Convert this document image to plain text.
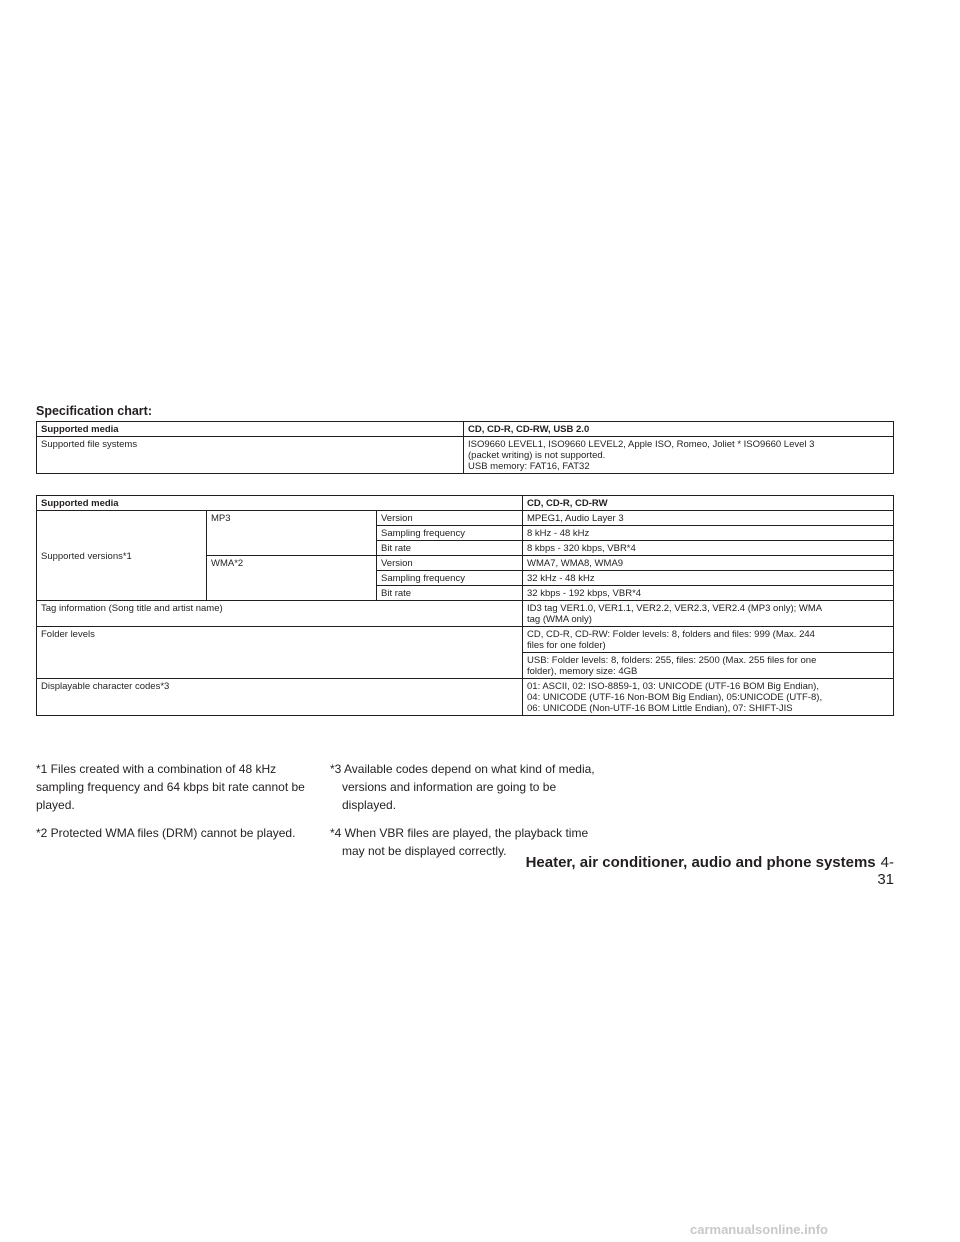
Specification chart:
Supported media	CD, CD-R, CD-RW, USB 2.0
Supported file systems	ISO9660 LEVEL1, ISO9660 LEVEL2, Apple ISO, Romeo, Joliet * ISO9660 Level 3
(packet writing) is not supported.
USB memory: FAT16, FAT32
Supported media			CD, CD-R, CD-RW
Supported versions*1	MP3	Version	MPEG1, Audio Layer 3
		Sampling frequency	8 kHz - 48 kHz
		Bit rate	8 kbps - 320 kbps, VBR*4
	WMA*2	Version	WMA7, WMA8, WMA9
		Sampling frequency	32 kHz - 48 kHz
		Bit rate	32 kbps - 192 kbps, VBR*4
Tag information (Song title and artist name)			ID3 tag VER1.0, VER1.1, VER2.2, VER2.3, VER2.4 (MP3 only); WMA
tag (WMA only)

Folder levels			CD, CD-R, CD-RW: Folder levels: 8, folders and files: 999 (Max. 244
files for one folder)

			USB: Folder levels: 8, folders: 255, files: 2500 (Max. 255 files for one
folder), memory size: 4GB

Displayable character codes*3			01: ASCII, 02: ISO-8859-1, 03: UNICODE (UTF-16 BOM Big Endian),
04: UNICODE (UTF-16 Non-BOM Big Endian), 05:UNICODE (UTF-8),
06: UNICODE (Non-UTF-16 BOM Little Endian), 07: SHIFT-JIS

*1 Files created with a combination of 48 kHz sampling frequency and 64 kbps bit rate cannot be played.

*2 Protected WMA files (DRM) cannot be played.

*3 Available codes depend on what kind of media, versions and information are going to be displayed.

*4 When VBR files are played, the playback time may not be displayed correctly.

Heater, air conditioner, audio and phone systems 4-31
carmanualsonline.info
